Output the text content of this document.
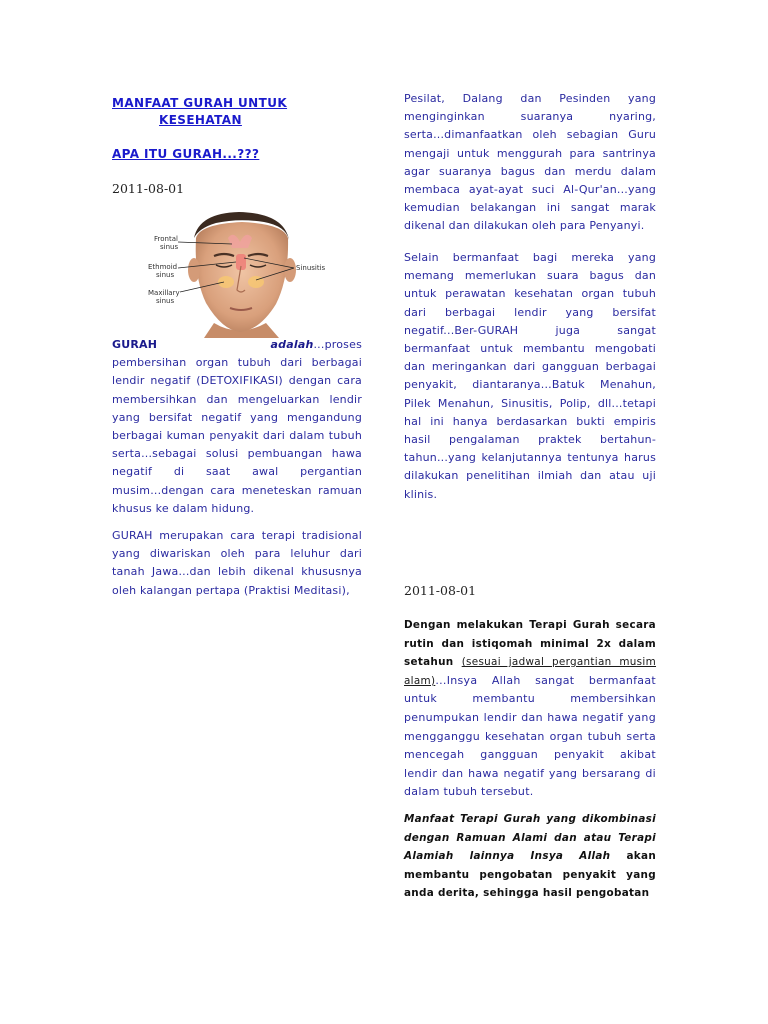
MANFAAT GURAH UNTUK
KESEHATAN
APA ITU GURAH...???
2011-08-01
Frontal
sinus
Ethmoid
sinus
Maxillary
sinus
Sinusitis
GURAH	adalah...proses pembersihan organ tubuh dari berbagai lendir negatif (DETOXIFIKASI) dengan cara membersihkan dan mengeluarkan lendir yang bersifat negatif yang mengandung berbagai kuman penyakit dari dalam tubuh serta...sebagai solusi pembuangan hawa negatif di saat awal pergantian musim...dengan cara meneteskan ramuan khusus ke dalam hidung.
GURAH merupakan cara terapi tradisional yang diwariskan oleh para leluhur dari tanah Jawa...dan lebih dikenal khususnya oleh kalangan pertapa (Praktisi Meditasi),
Pesilat, Dalang dan Pesinden yang menginginkan suaranya nyaring, serta...dimanfaatkan oleh sebagian Guru mengaji untuk menggurah para santrinya agar suaranya bagus dan merdu dalam membaca ayat-ayat suci Al-Qur'an...yang kemudian belakangan ini sangat marak dikenal dan dilakukan oleh para Penyanyi.
Selain bermanfaat bagi mereka yang memang memerlukan suara bagus dan untuk perawatan kesehatan organ tubuh dari berbagai lendir yang bersifat negatif...Ber-GURAH juga sangat bermanfaat untuk membantu mengobati dan meringankan dari gangguan berbagai penyakit, diantaranya...Batuk Menahun, Pilek Menahun, Sinusitis, Polip, dll...tetapi hal ini hanya berdasarkan bukti empiris hasil pengalaman praktek bertahun-tahun...yang kelanjutannya tentunya harus dilakukan penelitihan ilmiah dan atau uji klinis.
2011-08-01
Dengan melakukan Terapi Gurah secara rutin dan istiqomah minimal 2x dalam setahun (sesuai jadwal pergantian musim alam)...Insya Allah sangat bermanfaat untuk membantu membersihkan penumpukan lendir dan hawa negatif yang mengganggu kesehatan organ tubuh serta mencegah gangguan penyakit akibat lendir dan hawa negatif yang bersarang di dalam tubuh tersebut.
Manfaat Terapi Gurah yang dikombinasi dengan Ramuan Alami dan atau Terapi Alamiah lainnya Insya Allah akan membantu pengobatan penyakit yang anda derita, sehingga hasil pengobatan
